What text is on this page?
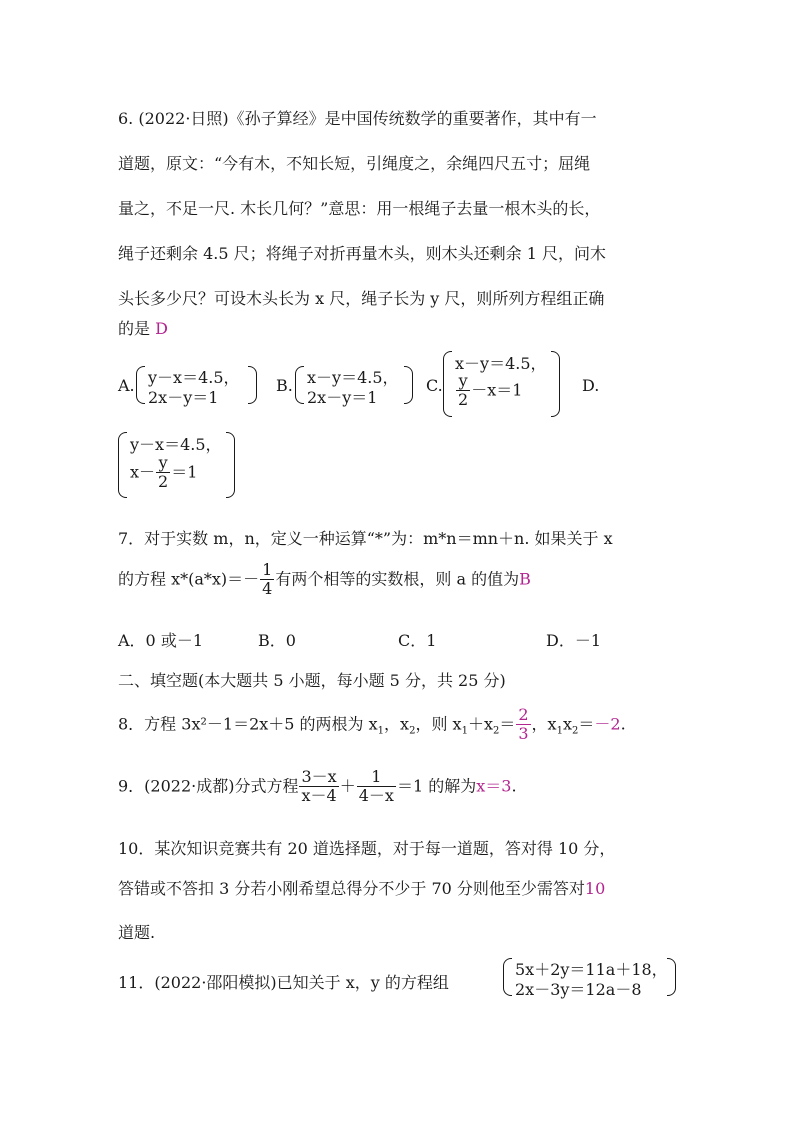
6. (2022·日照)《孙子算经》是中国传统数学的重要著作，其中有一
道题，原文：“今有木，不知长短，引绳度之，余绳四尺五寸；屈绳
量之，不足一尺. 木长几何？”意思：用一根绳子去量一根木头的长，
绳子还剩余 4.5 尺；将绳子对折再量木头，则木头还剩余 1 尺，问木
头长多少尺？可设木头长为 x 尺，绳子长为 y 尺，则所列方程组正确
的是 D
A. y－x＝4.5，
2x－y＝1
B. x－y＝4.5，
2x－y＝1
C.
x－y＝4.5，
$\frac{y}{2} -x=1$	D.
y－x＝4.5，
$x- \frac{y}{2} =1$
7．对于实数 m，n，定义一种运算“*”为：m*n＝mn＋n. 如果关于 x
的方程 $x*(a*x)=- \frac{1}{4}$ 有两个相等的实数根，则 a 的值为B
A．0 或－1	B．0	C．1	D．－1
二、填空题(本大题共 5 小题，每小题 5 分，共 25 分)
8．方程 3x²－1＝2x＋5 的两根为 $x_1$，$x_2$，则 $x_1+x_2= \frac{2}{3}$ ，$x_1x_2=-2$.
9．(2022·成都)分式方程 $\frac{3-x}{x-4} + \frac{1}{4-x} =1$ 的解为x＝3.
10．某次知识竞赛共有 20 道选择题，对于每一道题，答对得 10 分，
答错或不答扣 3 分若小刚希望总得分不少于 70 分则他至少需答对10
道题.
11．(2022·邵阳模拟)已知关于 x，y 的方程组
5x＋2y＝11a＋18，
2x－3y＝12a－8
